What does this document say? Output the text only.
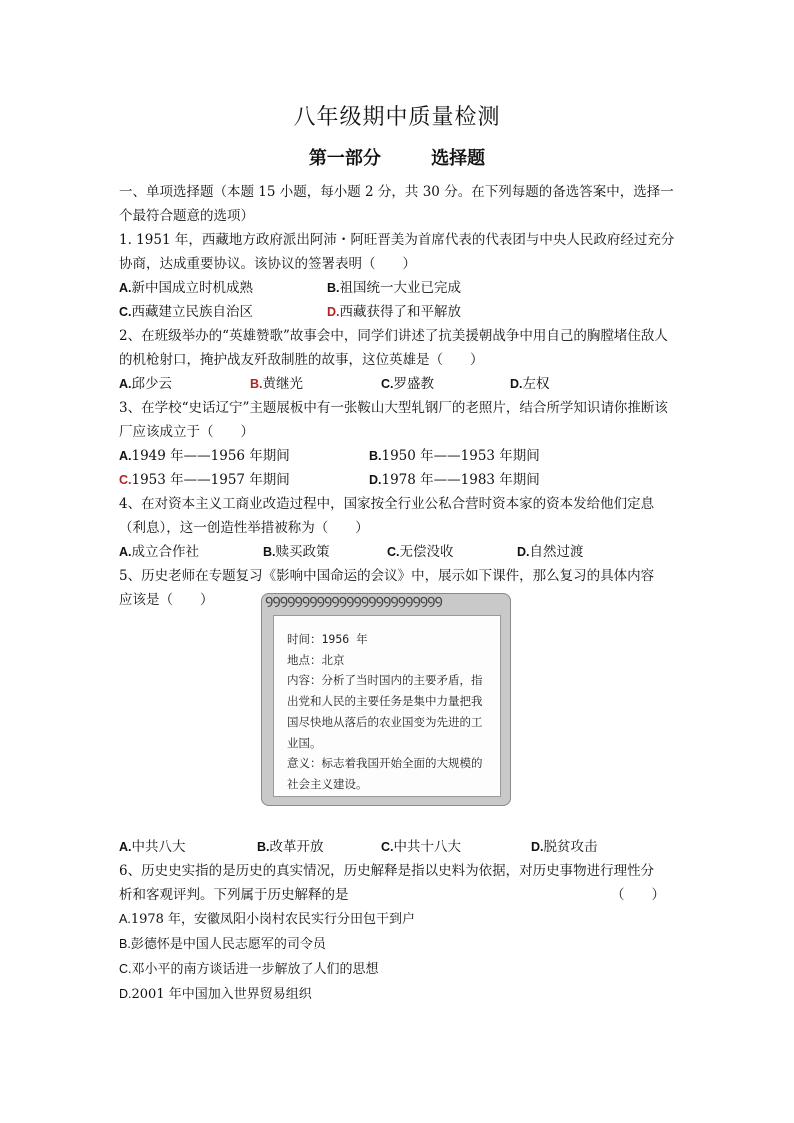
八年级期中质量检测
第一部分　 选择题

一、单项选择题（本题 15 小题，每小题 2 分，共 30 分。在下列每题的备选答案中，选择一个最符合题意的选项）

1. 1951 年，西藏地方政府派出阿沛・阿旺晋美为首席代表的代表团与中央人民政府经过充分协商，达成重要协议。该协议的签署表明（　　）

A.新中国成立时机成熟	B.祖国统一大业已完成
C.西藏建立民族自治区	D.西藏获得了和平解放

2、在班级举办的“英雄赞歌”故事会中，同学们讲述了抗美援朝战争中用自己的胸膛堵住敌人的机枪射口，掩护战友歼敌制胜的故事，这位英雄是（　　）

A.邱少云	B.黄继光	C.罗盛教	D.左权

3、在学校“史话辽宁”主题展板中有一张鞍山大型轧钢厂的老照片，结合所学知识请你推断该厂应该成立于（　　）

A.1949 年——1956 年期间	B.1950 年——1953 年期间
C.1953 年——1957 年期间	D.1978 年——1983 年期间

4、在对资本主义工商业改造过程中，国家按全行业公私合营时资本家的资本发给他们定息（利息），这一创造性举措被称为（　　）

A.成立合作社	B.赎买政策	C.无偿没收	D.自然过渡

5、历史老师在专题复习《影响中国命运的会议》中，展示如下课件，那么复习的具体内容

应该是（　　）

A.中共八大	B.改革开放	C.中共十八大	D.脱贫攻击

6、历史史实指的是历史的真实情况，历史解释是指以史料为依据，对历史事物进行理性分

析和客观评判。下列属于历史解释的是	（　　）

A.1978 年，安徽凤阳小岗村农民实行分田包干到户

B.彭德怀是中国人民志愿军的司令员

C.邓小平的南方谈话进一步解放了人们的思想

D.2001 年中国加入世界贸易组织

ꝮꝮꝮꝮꝮꝮꝮꝮꝮꝮꝮꝮꝮꝮꝮꝮꝮꝮꝮꝮꝮꝮꝮꝮ

时间：1956 年

地点：北京

内容：分析了当时国内的主要矛盾，指出党和人民的主要任务是集中力量把我国尽快地从落后的农业国变为先进的工业国。

意义：标志着我国开始全面的大规模的社会主义建设。
